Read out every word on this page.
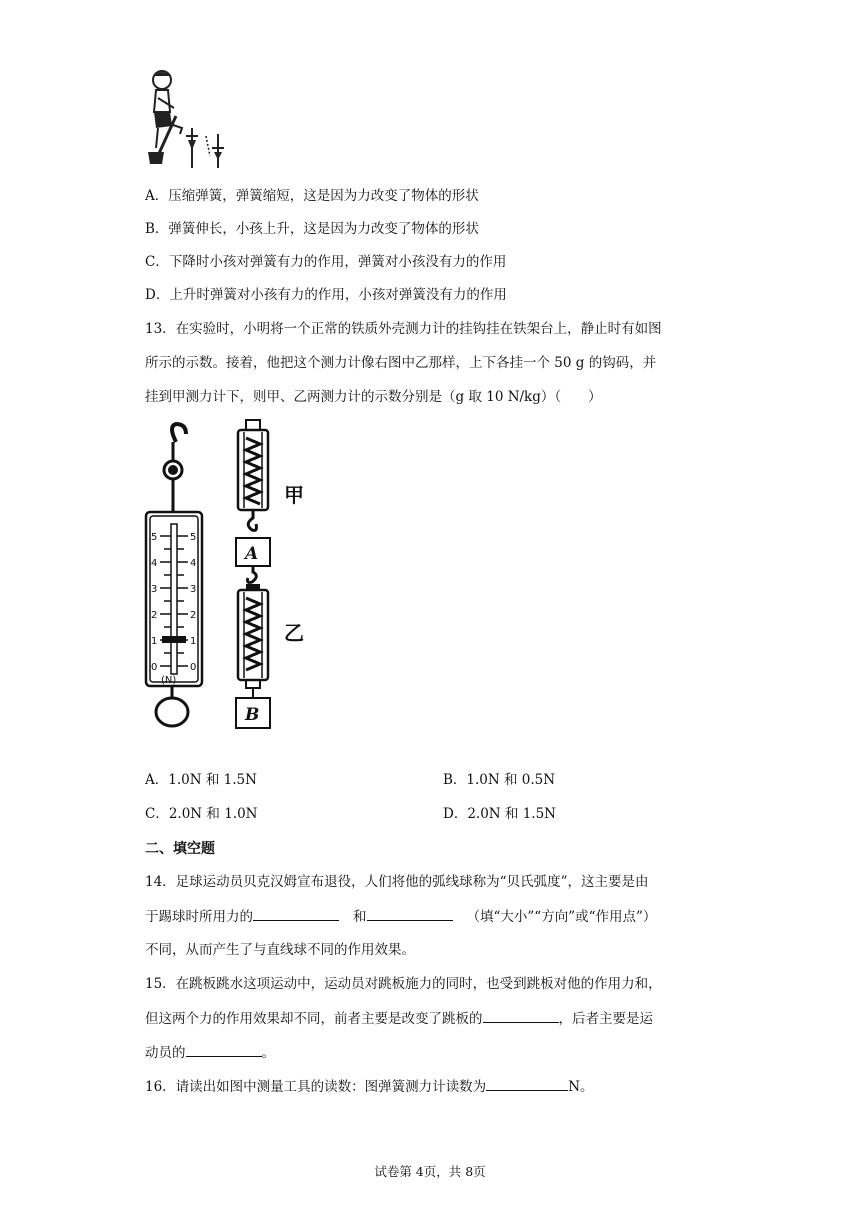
A．压缩弹簧，弹簧缩短，这是因为力改变了物体的形状
B．弹簧伸长，小孩上升，这是因为力改变了物体的形状
C．下降时小孩对弹簧有力的作用，弹簧对小孩没有力的作用
D．上升时弹簧对小孩有力的作用，小孩对弹簧没有力的作用
13．在实验时，小明将一个正常的铁质外壳测力计的挂钩挂在铁架台上，静止时有如图
所示的示数。接着，他把这个测力计像右图中乙那样，上下各挂一个 50 g 的钩码，并
挂到甲测力计下，则甲、乙两测力计的示数分别是（g 取 10 N/kg）（　　）
5
4
3
2
1
0
5
4
3
2
1
0
(N)
甲
A
乙
B
A．1.0N 和 1.5N	B．1.0N 和 0.5N
C．2.0N 和 1.0N	D．2.0N 和 1.5N
二、填空题
14．足球运动员贝克汉姆宣布退役，人们将他的弧线球称为“贝氏弧度”，这主要是由
于踢球时所用力的	和	（填“大小”“方向”或“作用点”）
不同，从而产生了与直线球不同的作用效果。
15．在跳板跳水这项运动中，运动员对跳板施力的同时，也受到跳板对他的作用力和，
但这两个力的作用效果却不同，前者主要是改变了跳板的	，后者主要是运
动员的	。
16．请读出如图中测量工具的读数：图弹簧测力计读数为	N。
试卷第 4页，共 8页
